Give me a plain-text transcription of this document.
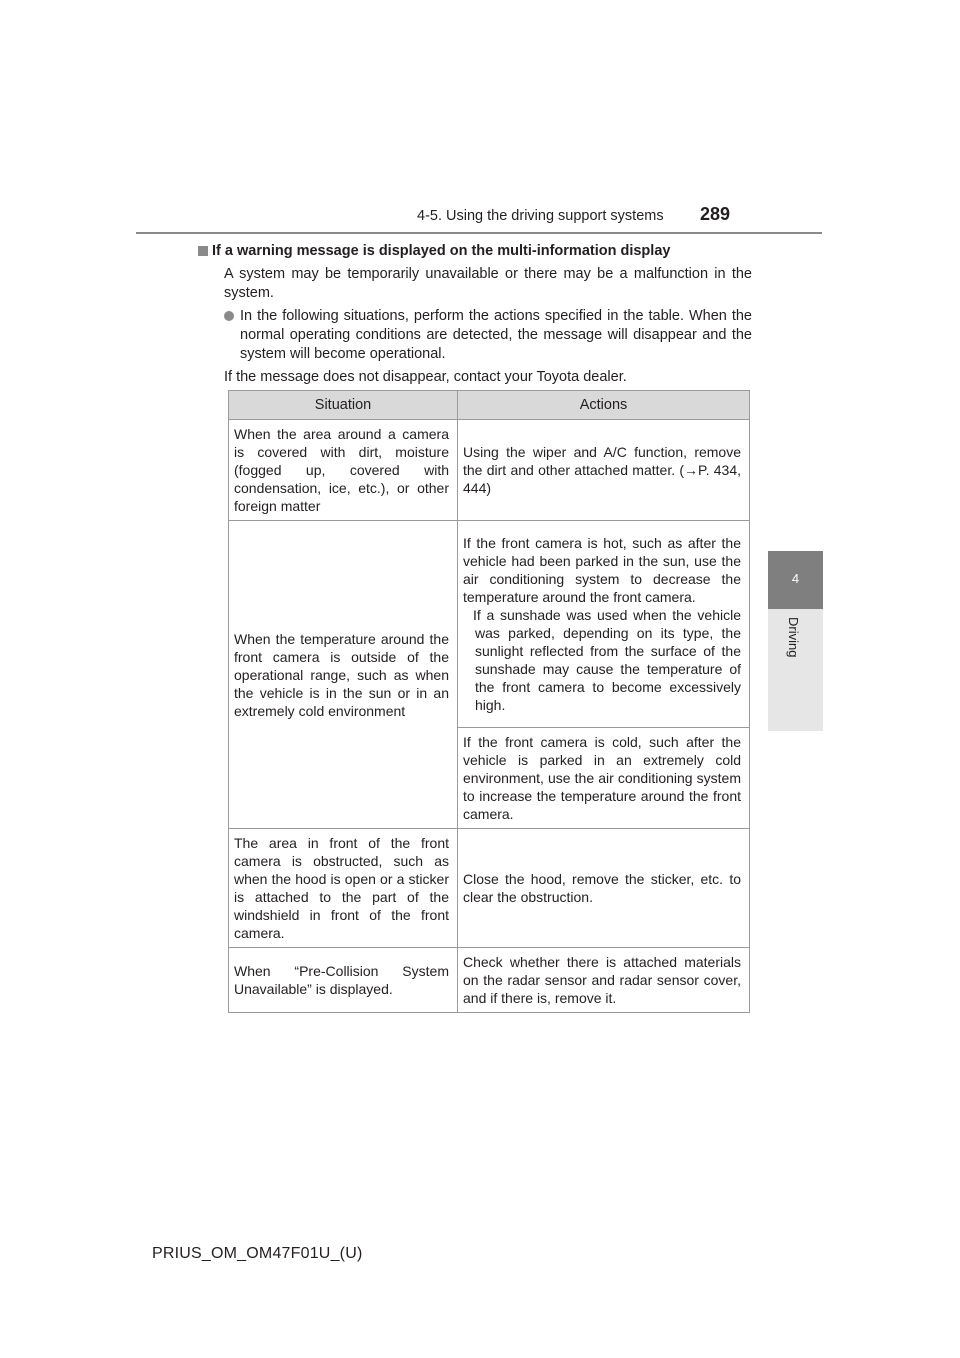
4-5. Using the driving support systems 289
4
Driving

If a warning message is displayed on the multi-information display

A system may be temporarily unavailable or there may be a malfunction in the system.

In the following situations, perform the actions specified in the table. When the normal operating conditions are detected, the message will disappear and the system will become operational.

If the message does not disappear, contact your Toyota dealer.

Situation	Actions
When the area around a camera is covered with dirt, moisture (fogged up, covered with condensation, ice, etc.), or other foreign matter	Using the wiper and A/C function, remove the dirt and other attached matter. (→P. 434, 444)
When the temperature around the front camera is outside of the operational range, such as when the vehicle is in the sun or in an extremely cold environment	If the front camera is hot, such as after the vehicle had been parked in the sun, use the air conditioning system to decrease the temperature around the front camera.
If a sunshade was used when the vehicle was parked, depending on its type, the sunlight reflected from the surface of the sunshade may cause the temperature of the front camera to become excessively high.

	If the front camera is cold, such after the vehicle is parked in an extremely cold environment, use the air conditioning system to increase the temperature around the front camera.
The area in front of the front camera is obstructed, such as when the hood is open or a sticker is attached to the part of the windshield in front of the front camera.	Close the hood, remove the sticker, etc. to clear the obstruction.
When “Pre-Collision System Unavailable” is displayed.	Check whether there is attached materials on the radar sensor and radar sensor cover, and if there is, remove it.
PRIUS_OM_OM47F01U_(U)
